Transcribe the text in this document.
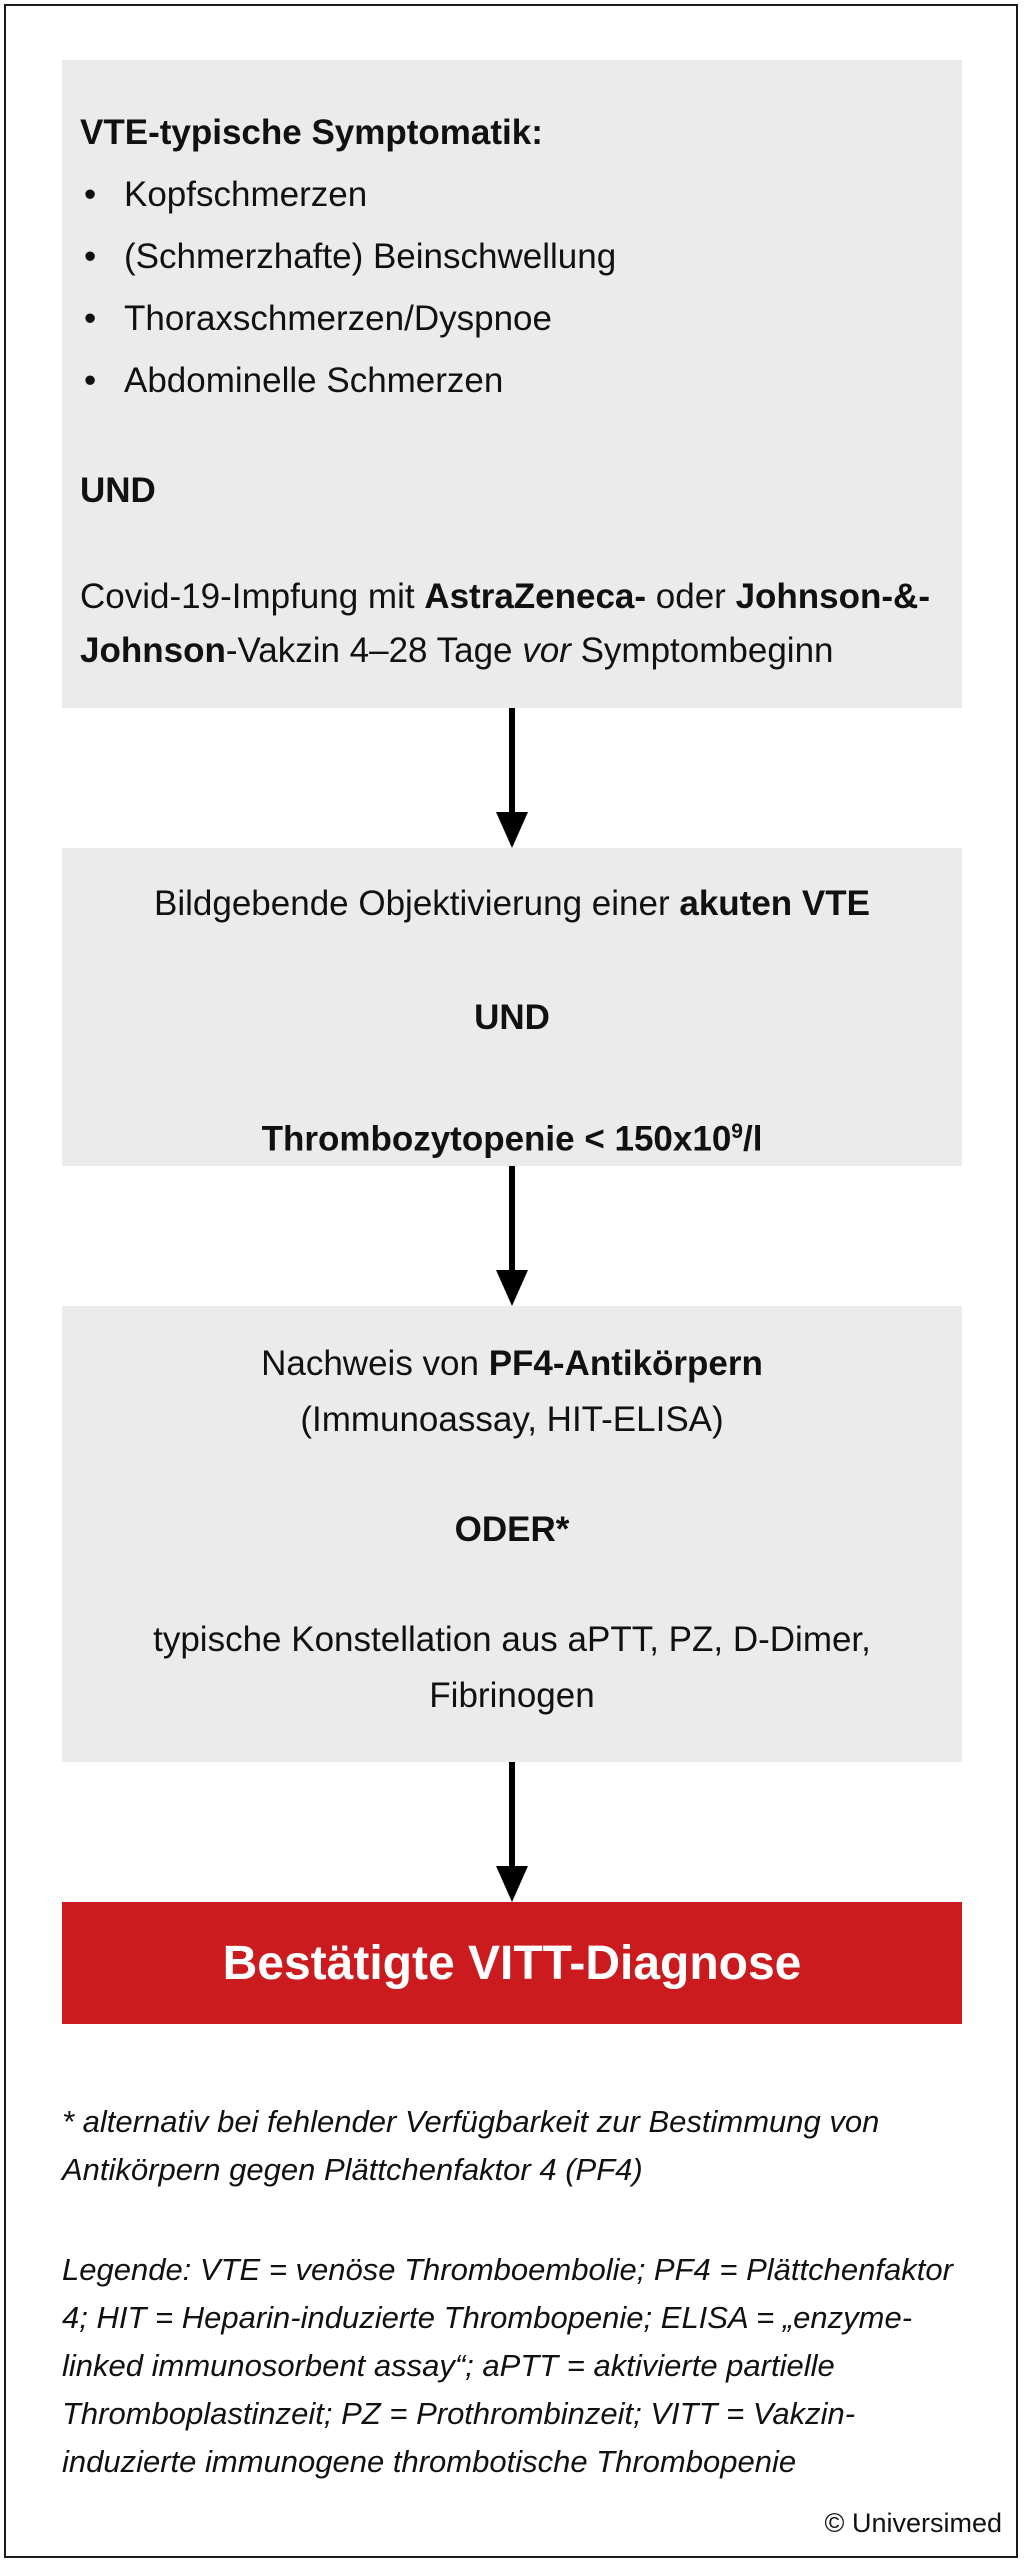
VTE-typische Symptomatik:
• Kopfschmerzen
• (Schmerzhafte) Beinschwellung
• Thoraxschmerzen/Dyspnoe
• Abdominelle Schmerzen
UND
Covid-19-Impfung mit AstraZeneca- oder Johnson-&-Johnson-Vakzin 4–28 Tage vor Symptombeginn
Bildgebende Objektivierung einer akuten VTE
UND
Thrombozytopenie < $150x10^9/l$
Nachweis von PF4-Antikörpern
(Immunoassay, HIT-ELISA)
ODER*
typische Konstellation aus aPTT, PZ, D-Dimer,
Fibrinogen
Bestätigte VITT-Diagnose
* alternativ bei fehlender Verfügbarkeit zur Bestimmung von Antikörpern gegen Plättchenfaktor 4 (PF4)
Legende: VTE = venöse Thromboembolie; PF4 = Plättchenfaktor 4; HIT = Heparin-induzierte Thrombopenie; ELISA = „enzyme-linked immunosorbent assay“; aPTT = aktivierte partielle Thromboplastinzeit; PZ = Prothrombinzeit; VITT = Vakzin-induzierte immunogene thrombotische Thrombopenie
© Universimed
